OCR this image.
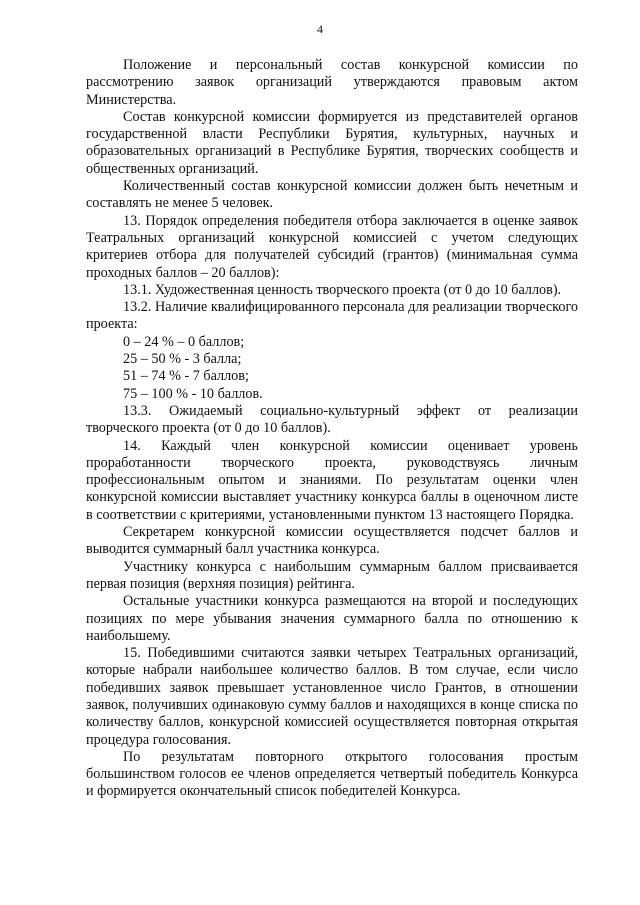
4

Положение и персональный состав конкурсной комиссии по рассмотрению заявок организаций утверждаются правовым актом Министерства.

Состав конкурсной комиссии формируется из представителей органов государственной власти Республики Бурятия, культурных, научных и образовательных организаций в Республике Бурятия, творческих сообществ и общественных организаций.

Количественный состав конкурсной комиссии должен быть нечетным и составлять не менее 5 человек.

13. Порядок определения победителя отбора заключается в оценке заявок Театральных организаций конкурсной комиссией с учетом следующих критериев отбора для получателей субсидий (грантов) (минимальная сумма проходных баллов – 20 баллов):

13.1. Художественная ценность творческого проекта (от 0 до 10 баллов).

13.2. Наличие квалифицированного персонала для реализации творческого проекта:

0 – 24 % – 0 баллов;

25 – 50 % - 3 балла;

51 – 74 % - 7 баллов;

75 – 100 % - 10 баллов.

13.3. Ожидаемый социально-культурный эффект от реализации творческого проекта (от 0 до 10 баллов).

14. Каждый член конкурсной комиссии оценивает уровень проработанности творческого проекта, руководствуясь личным профессиональным опытом и знаниями. По результатам оценки член конкурсной комиссии выставляет участнику конкурса баллы в оценочном листе в соответствии с критериями, установленными пунктом 13 настоящего Порядка.

Секретарем конкурсной комиссии осуществляется подсчет баллов и выводится суммарный балл участника конкурса.

Участнику конкурса с наибольшим суммарным баллом присваивается первая позиция (верхняя позиция) рейтинга.

Остальные участники конкурса размещаются на второй и последующих позициях по мере убывания значения суммарного балла по отношению к наибольшему.

15. Победившими считаются заявки четырех Театральных организаций, которые набрали наибольшее количество баллов. В том случае, если число победивших заявок превышает установленное число Грантов, в отношении заявок, получивших одинаковую сумму баллов и находящихся в конце списка по количеству баллов, конкурсной комиссией осуществляется повторная открытая процедура голосования.

По результатам повторного открытого голосования простым большинством голосов ее членов определяется четвертый победитель Конкурса и формируется окончательный список победителей Конкурса.
